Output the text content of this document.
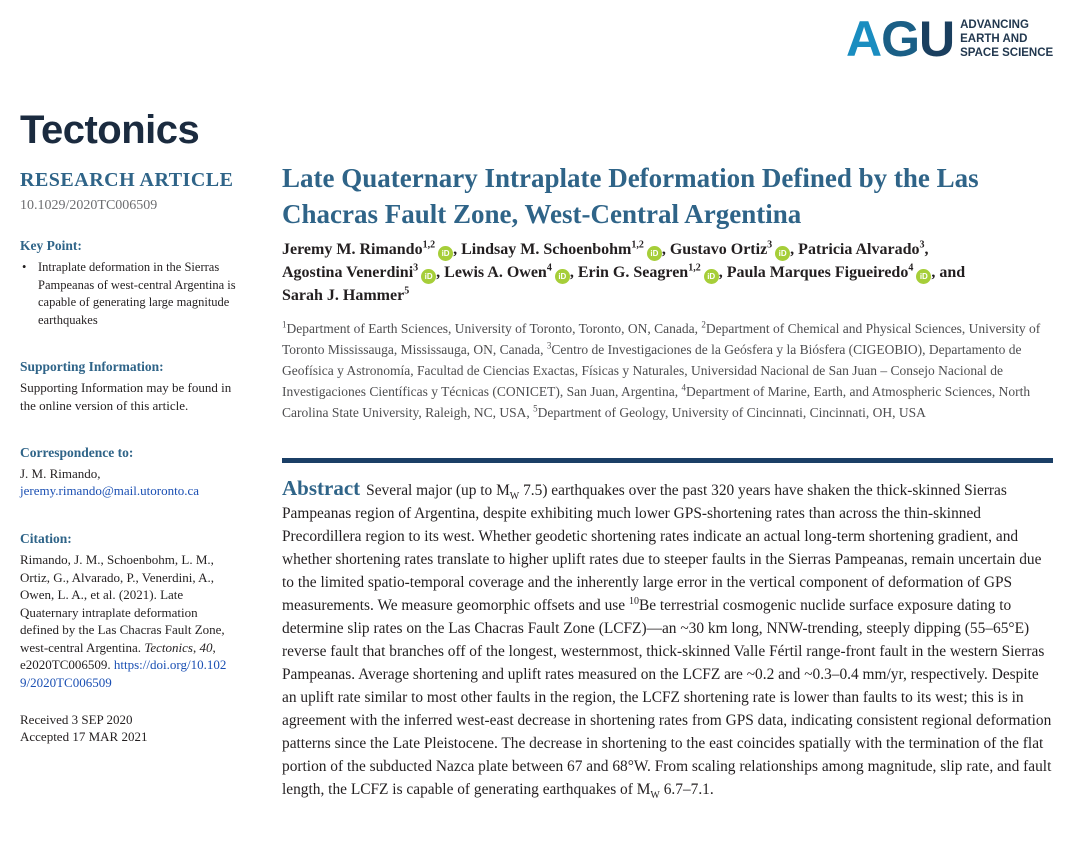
AGU ADVANCING
EARTH AND
SPACE SCIENCE
Tectonics
RESEARCH ARTICLE
10.1029/2020TC006509
Key Point:
• Intraplate deformation in the Sierras Pampeanas of west-central Argentina is capable of generating large magnitude earthquakes
Supporting Information:
Supporting Information may be found in the online version of this article.
Correspondence to:
J. M. Rimando,
jeremy.rimando@mail.utoronto.ca
Citation:
Rimando, J. M., Schoenbohm, L. M., Ortiz, G., Alvarado, P., Venerdini, A., Owen, L. A., et al. (2021). Late Quaternary intraplate deformation defined by the Las Chacras Fault Zone, west-central Argentina. Tectonics, 40, e2020TC006509. https://doi.org/10.1029/2020TC006509
Received 3 SEP 2020
Accepted 17 MAR 2021
Late Quaternary Intraplate Deformation Defined by the Las Chacras Fault Zone, West-Central Argentina
Jeremy M. Rimando$^{1,2}$iD , Lindsay M. Schoenbohm$^{1,2}$iD , Gustavo Ortiz$^3$iD , Patricia Alvarado$^3$, Agostina Venerdini$^3$iD , Lewis A. Owen$^4$iD , Erin G. Seagren$^{1,2}$iD , Paula Marques Figueiredo$^4$iD , and Sarah J. Hammer$^5$
$^1$Department of Earth Sciences, University of Toronto, Toronto, ON, Canada, $^2$Department of Chemical and Physical Sciences, University of Toronto Mississauga, Mississauga, ON, Canada, $^3$Centro de Investigaciones de la Geósfera y la Biósfera (CIGEOBIO), Departamento de Geofísica y Astronomía, Facultad de Ciencias Exactas, Físicas y Naturales, Universidad Nacional de San Juan – Consejo Nacional de Investigaciones Científicas y Técnicas (CONICET), San Juan, Argentina, $^4$Department of Marine, Earth, and Atmospheric Sciences, North Carolina State University, Raleigh, NC, USA, $^5$Department of Geology, University of Cincinnati, Cincinnati, OH, USA
Abstract Several major (up to $M_W$ 7.5) earthquakes over the past 320 years have shaken the thick-skinned Sierras Pampeanas region of Argentina, despite exhibiting much lower GPS-shortening rates than across the thin-skinned Precordillera region to its west. Whether geodetic shortening rates indicate an actual long-term shortening gradient, and whether shortening rates translate to higher uplift rates due to steeper faults in the Sierras Pampeanas, remain uncertain due to the limited spatio-temporal coverage and the inherently large error in the vertical component of deformation of GPS measurements. We measure geomorphic offsets and use $^{10}$Be terrestrial cosmogenic nuclide surface exposure dating to determine slip rates on the Las Chacras Fault Zone (LCFZ)—an ~30 km long, NNW-trending, steeply dipping (55–65°E) reverse fault that branches off of the longest, westernmost, thick-skinned Valle Fértil range-front fault in the western Sierras Pampeanas. Average shortening and uplift rates measured on the LCFZ are ~0.2 and ~0.3–0.4 mm/yr, respectively. Despite an uplift rate similar to most other faults in the region, the LCFZ shortening rate is lower than faults to its west; this is in agreement with the inferred west-east decrease in shortening rates from GPS data, indicating consistent regional deformation patterns since the Late Pleistocene. The decrease in shortening to the east coincides spatially with the termination of the flat portion of the subducted Nazca plate between 67 and 68°W. From scaling relationships among magnitude, slip rate, and fault length, the LCFZ is capable of generating earthquakes of $M_W$ 6.7–7.1.
